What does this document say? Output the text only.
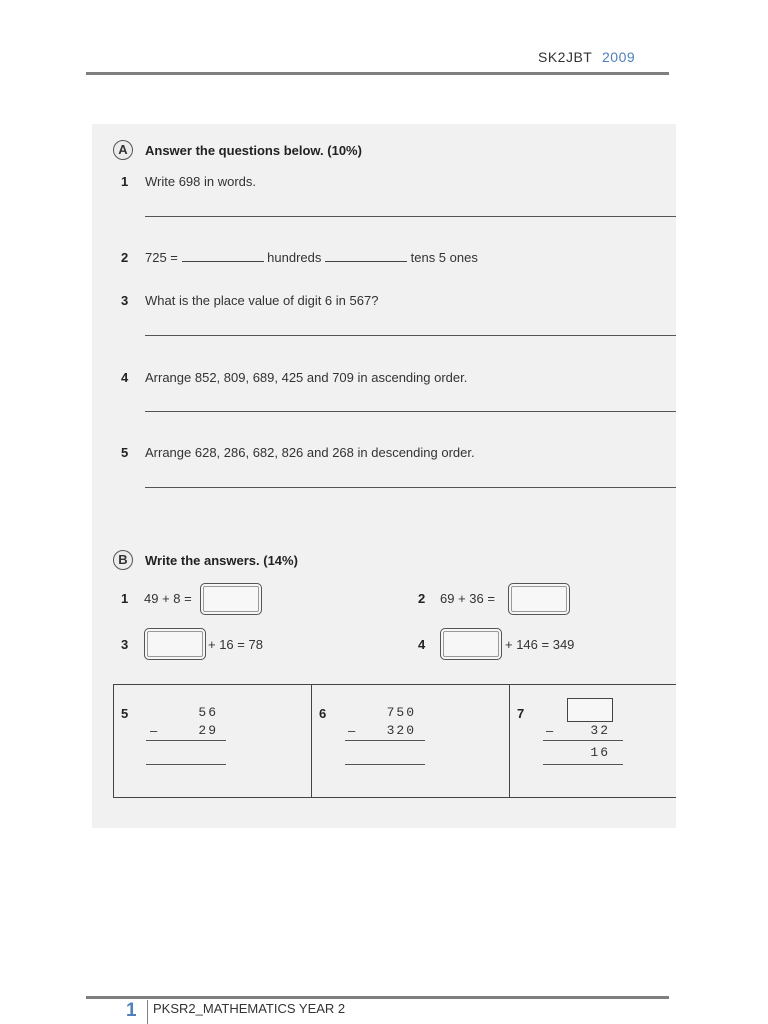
SK2JBT 2009
A	Answer the questions below. (10%)
1 Write 698 in words.
2 725 =	hundreds	tens 5 ones
3 What is the place value of digit 6 in 567?
4 Arrange 852, 809, 689, 425 and 709 in ascending order.
5 Arrange 628, 286, 682, 826 and 268 in descending order.
B	Write the answers. (14%)
1 49 + 8 =	2 69 + 36 =
3	+ 16 = 78	4	+ 146 = 349
5	56
–	29
6	750
–	320
7
–	32
16
1 PKSR2_MATHEMATICS YEAR 2
